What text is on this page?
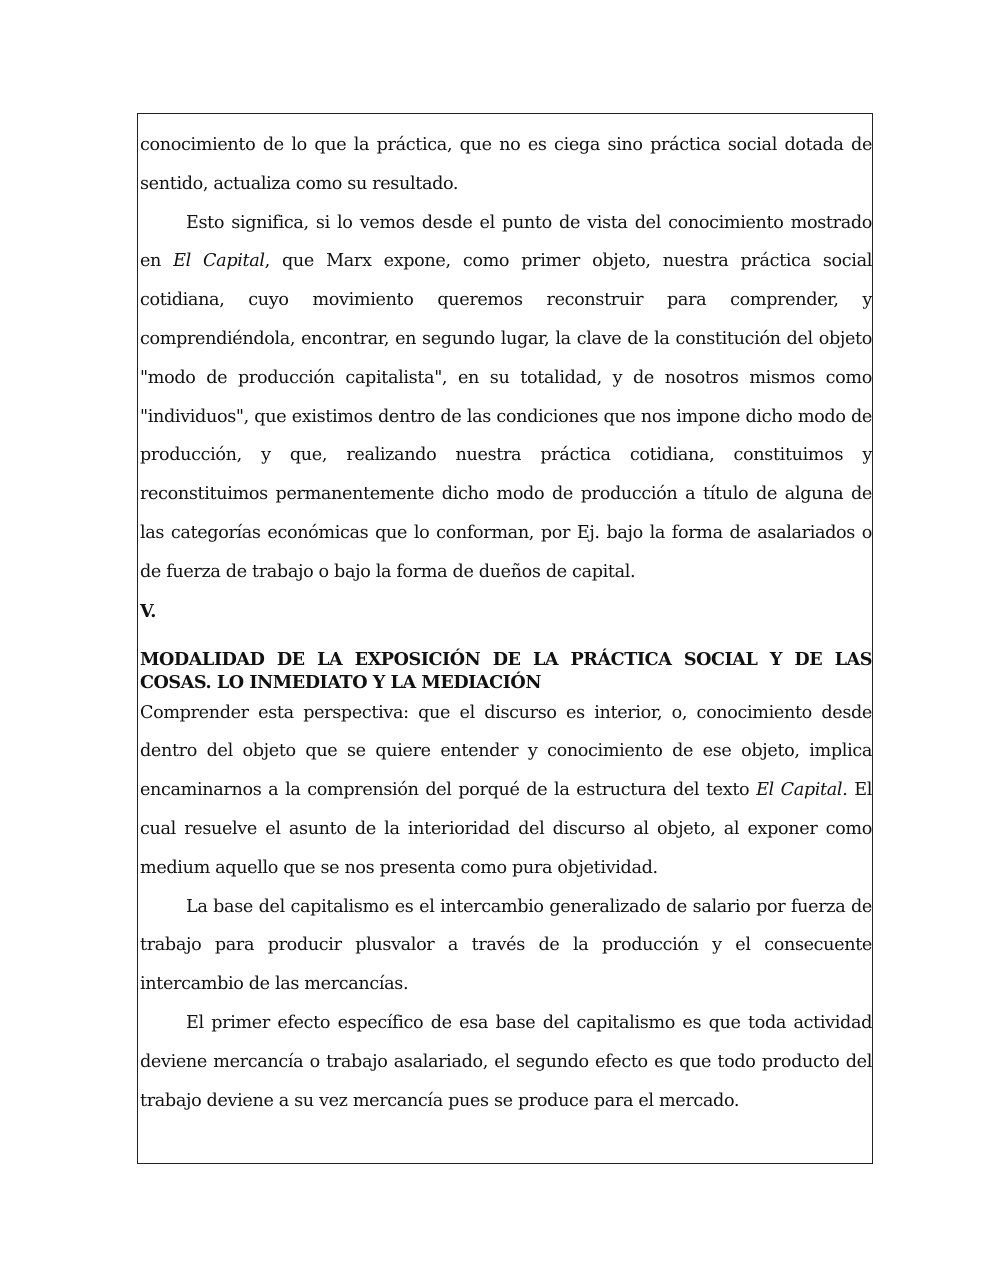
conocimiento de lo que la práctica, que no es ciega sino práctica social dotada de sentido, actualiza como su resultado.

Esto significa, si lo vemos desde el punto de vista del conocimiento mostrado en El Capital, que Marx expone, como primer objeto, nuestra práctica social cotidiana, cuyo movimiento queremos reconstruir para comprender, y comprendiéndola, encontrar, en segundo lugar, la clave de la constitución del objeto "modo de producción capitalista", en su totalidad, y de nosotros mismos como "individuos", que existimos dentro de las condiciones que nos impone dicho modo de producción, y que, realizando nuestra práctica cotidiana, constituimos y reconstituimos permanentemente dicho modo de producción a título de alguna de las categorías económicas que lo conforman, por Ej. bajo la forma de asalariados o de fuerza de trabajo o bajo la forma de dueños de capital.

V.

MODALIDAD DE LA EXPOSICIÓN DE LA PRÁCTICA SOCIAL Y DE LAS COSAS. LO INMEDIATO Y LA MEDIACIÓN

Comprender esta perspectiva: que el discurso es interior, o, conocimiento desde dentro del objeto que se quiere entender y conocimiento de ese objeto, implica encaminarnos a la comprensión del porqué de la estructura del texto El Capital. El cual resuelve el asunto de la interioridad del discurso al objeto, al exponer como medium aquello que se nos presenta como pura objetividad.

La base del capitalismo es el intercambio generalizado de salario por fuerza de trabajo para producir plusvalor a través de la producción y el consecuente intercambio de las mercancías.

El primer efecto específico de esa base del capitalismo es que toda actividad deviene mercancía o trabajo asalariado, el segundo efecto es que todo producto del trabajo deviene a su vez mercancía pues se produce para el mercado.
